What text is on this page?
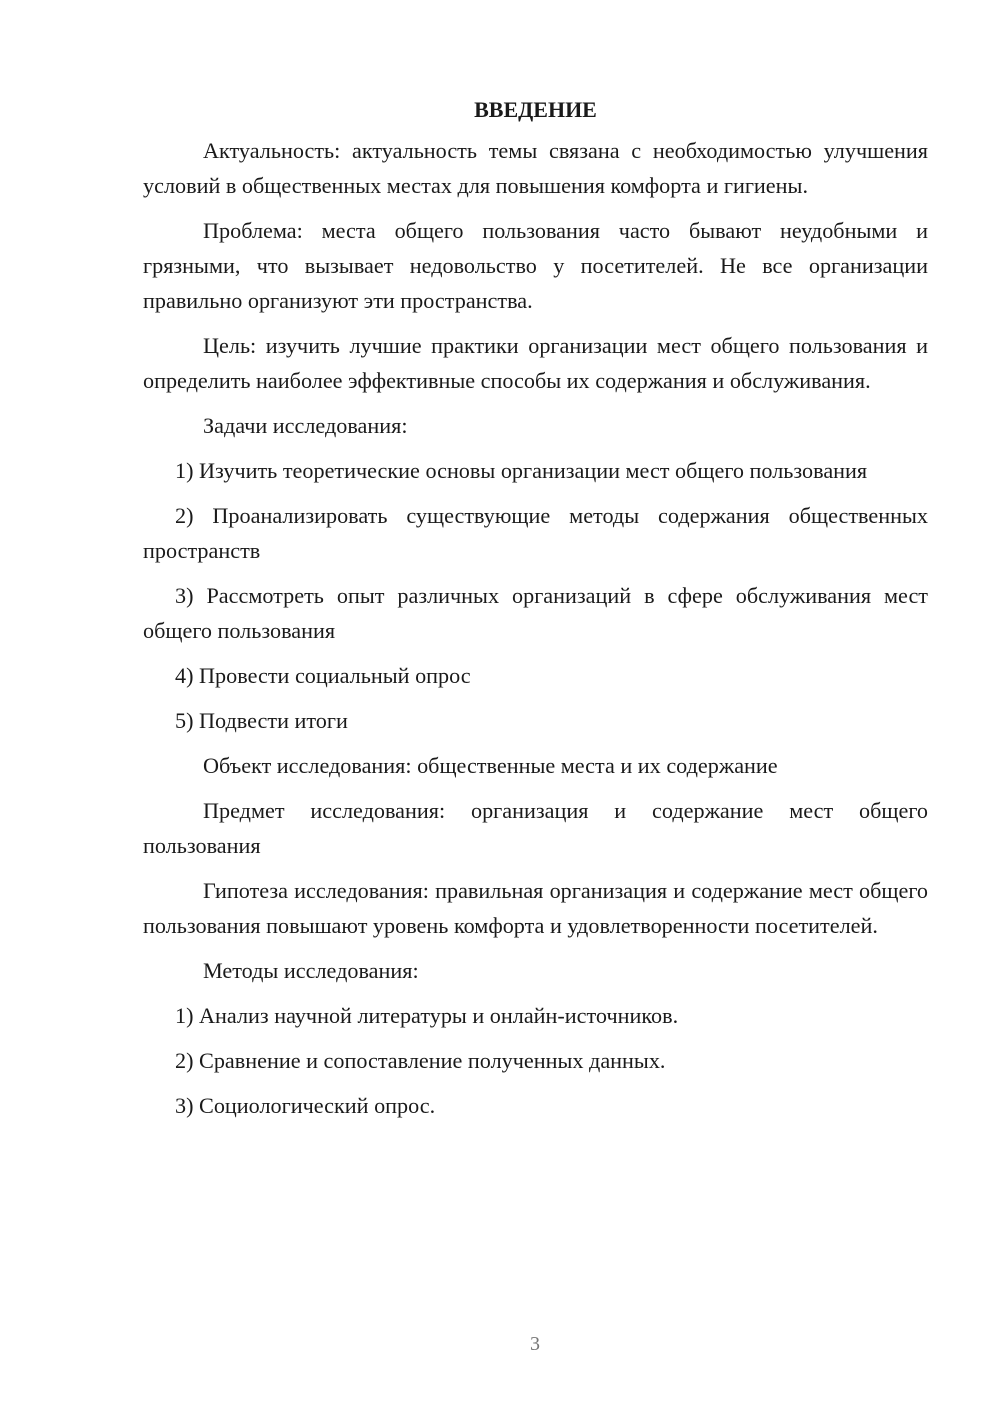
ВВЕДЕНИЕ

Актуальность: актуальность темы связана с необходимостью улучшения условий в общественных местах для повышения комфорта и гигиены.

Проблема: места общего пользования часто бывают неудобными и грязными, что вызывает недовольство у посетителей. Не все организации правильно организуют эти пространства.

Цель: изучить лучшие практики организации мест общего пользования и определить наиболее эффективные способы их содержания и обслуживания.

Задачи исследования:

1) Изучить теоретические основы организации мест общего пользования

2) Проанализировать существующие методы содержания общественных пространств

3) Рассмотреть опыт различных организаций в сфере обслуживания мест общего пользования

4) Провести социальный опрос

5) Подвести итоги

Объект исследования: общественные места и их содержание

Предмет исследования: организация и содержание мест общего пользования

Гипотеза исследования: правильная организация и содержание мест общего пользования повышают уровень комфорта и удовлетворенности посетителей.

Методы исследования:

1) Анализ научной литературы и онлайн-источников.

2) Сравнение и сопоставление полученных данных.

3) Социологический опрос.

3
